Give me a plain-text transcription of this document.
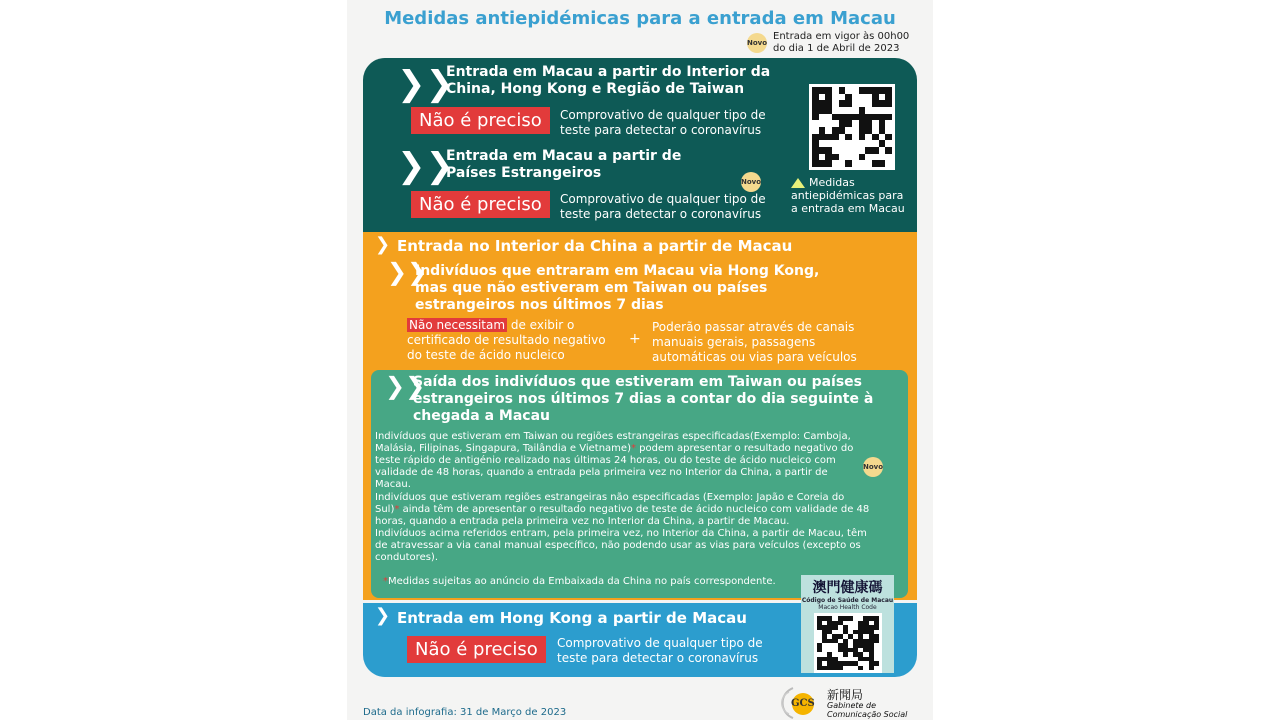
Medidas antiepidémicas para a entrada em Macau
Novo
Entrada em vigor às 00h00
do dia 1 de Abril de 2023
❯❯
Entrada em Macau a partir do Interior da
China, Hong Kong e Região de Taiwan
Não é preciso	Comprovativo de qualquer tipo de
teste para detectar o coronavírus
❯❯
Entrada em Macau a partir de
Países Estrangeiros
Novo
Não é preciso	Comprovativo de qualquer tipo de
teste para detectar o coronavírus
Medidas
antiepidémicas para
a entrada em Macau
❯ Entrada no Interior da China a partir de Macau
❯❯
Indivíduos que entraram em Macau via Hong Kong,
mas que não estiveram em Taiwan ou países
estrangeiros nos últimos 7 dias
Não necessitam de exibir o
certificado de resultado negativo
do teste de ácido nucleico
+
Poderão passar através de canais
manuais gerais, passagens
automáticas ou vias para veículos
❯❯
Saída dos indivíduos que estiveram em Taiwan ou países
estrangeiros nos últimos 7 dias a contar do dia seguinte à
chegada a Macau
Indivíduos que estiveram em Taiwan ou regiões estrangeiras especificadas(Exemplo: Camboja,
Malásia, Filipinas, Singapura, Tailândia e Vietname)* podem apresentar o resultado negativo do
teste rápido de antigénio realizado nas últimas 24 horas, ou do teste de ácido nucleico com
validade de 48 horas, quando a entrada pela primeira vez no Interior da China, a partir de
Macau.
Novo
Indivíduos que estiveram regiões estrangeiras não especificadas (Exemplo: Japão e Coreia do
Sul)* ainda têm de apresentar o resultado negativo de teste de ácido nucleico com validade de 48
horas, quando a entrada pela primeira vez no Interior da China, a partir de Macau.
Indivíduos acima referidos entram, pela primeira vez, no Interior da China, a partir de Macau, têm
de atravessar a via canal manual específico, não podendo usar as vias para veículos (excepto os
condutores).
*Medidas sujeitas ao anúncio da Embaixada da China no país correspondente.
❯ Entrada em Hong Kong a partir de Macau
Não é preciso	Comprovativo de qualquer tipo de
teste para detectar o coronavírus
澳門健康碼
Código de Saúde de Macau
Macao Health Code
Data da infografia: 31 de Março de 2023
GCS
新聞局
Gabinete de
Comunicação Social
